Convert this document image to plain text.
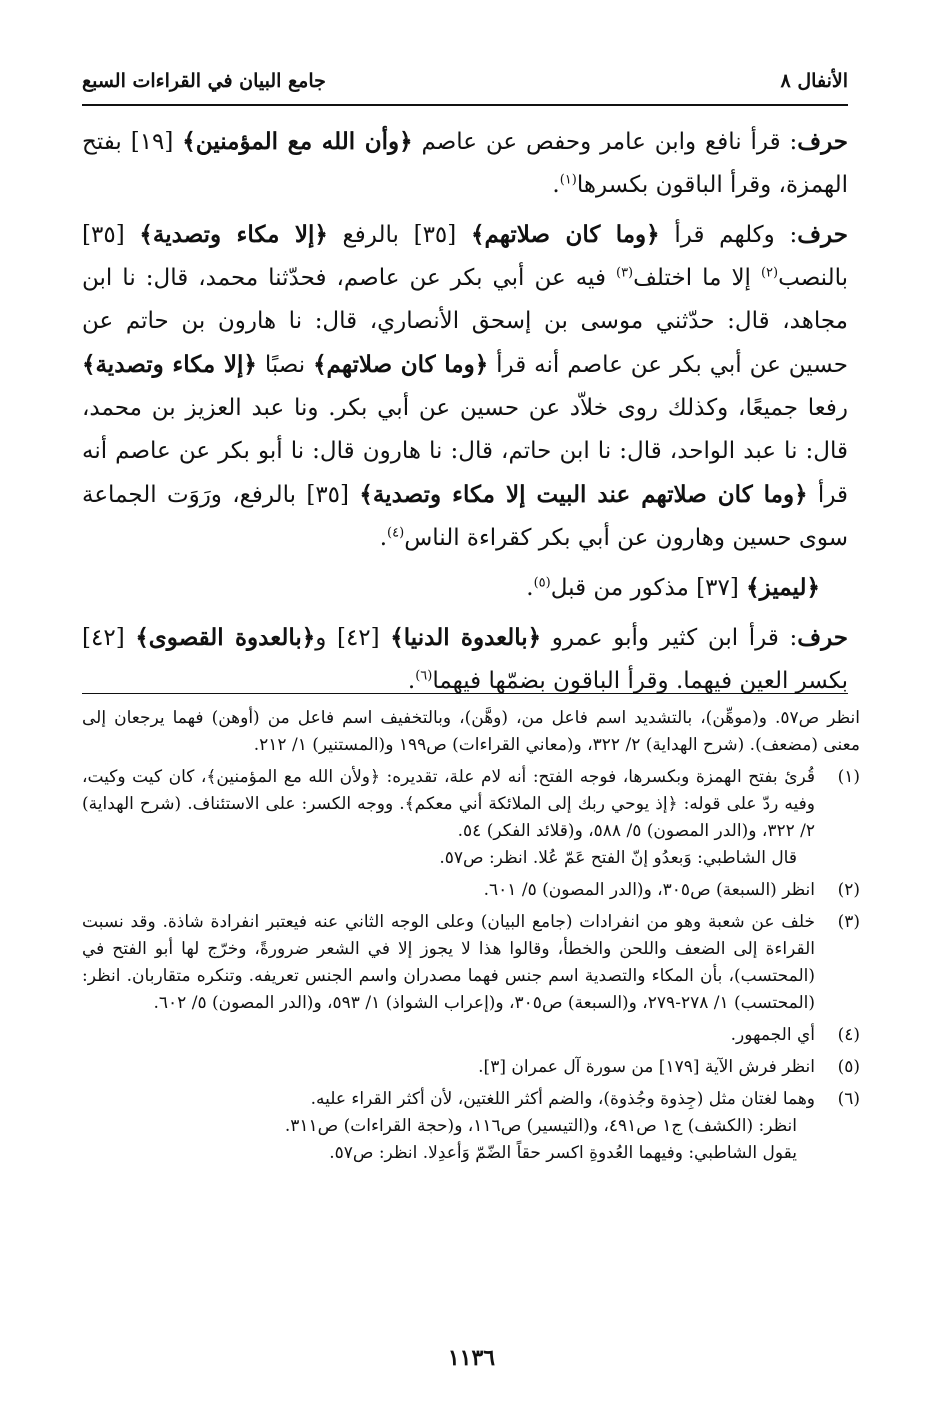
الأنفال ٨
جامع البيان في القراءات السبع

حرف: قرأ نافع وابن عامر وحفص عن عاصم ﴿وأن الله مع المؤمنين﴾ [١٩] بفتح الهمزة، وقرأ الباقون بكسرها$^{(١)}$.

حرف: وكلهم قرأ ﴿وما كان صلاتهم﴾ [٣٥] بالرفع ﴿إلا مكاء وتصدية﴾ [٣٥] بالنصب$^{(٢)}$ إلا ما اختلف$^{(٣)}$ فيه عن أبي بكر عن عاصم، فحدّثنا محمد، قال: نا ابن مجاهد، قال: حدّثني موسى بن إسحق الأنصاري، قال: نا هارون بن حاتم عن حسين عن أبي بكر عن عاصم أنه قرأ ﴿وما كان صلاتهم﴾ نصبًا ﴿إلا مكاء وتصدية﴾ رفعا جميعًا، وكذلك روى خلاّد عن حسين عن أبي بكر. ونا عبد العزيز بن محمد، قال: نا عبد الواحد، قال: نا ابن حاتم، قال: نا هارون قال: نا أبو بكر عن عاصم أنه قرأ ﴿وما كان صلاتهم عند البيت إلا مكاء وتصدية﴾ [٣٥] بالرفع، ورَوَت الجماعة سوى حسين وهارون عن أبي بكر كقراءة الناس$^{(٤)}$.

﴿ليميز﴾ [٣٧] مذكور من قبل$^{(٥)}$.

حرف: قرأ ابن كثير وأبو عمرو ﴿بالعدوة الدنيا﴾ [٤٢] و﴿بالعدوة القصوى﴾ [٤٢] بكسر العين فيهما. وقرأ الباقون بضمّها فيهما$^{(٦)}$.

انظر ص٥٧. و(موهِّن)، بالتشديد اسم فاعل من، (وهَّن)، وبالتخفيف اسم فاعل من (أوهن) فهما يرجعان إلى معنى (مضعف). (شرح الهداية) ٢/ ٣٢٢، و(معاني القراءات) ص١٩٩ و(المستنير) ١/ ٢١٢.
(١)
قُرئ بفتح الهمزة وبكسرها، فوجه الفتح: أنه لام علة، تقديره: ﴿ولأن الله مع المؤمنين﴾، كان كيت وكيت، وفيه ردّ على قوله: ﴿إذ يوحي ربك إلى الملائكة أني معكم﴾. ووجه الكسر: على الاستئناف. (شرح الهداية) ٢/ ٣٢٢، و(الدر المصون) ٥/ ٥٨٨، و(قلائد الفكر) ٥٤.
قال الشاطبي: وَبعدُو إنّ الفتح عَمّ عُلا. انظر: ص٥٧.
(٢)
انظر (السبعة) ص٣٠٥، و(الدر المصون) ٥/ ٦٠١.
(٣)
خلف عن شعبة وهو من انفرادات (جامع البيان) وعلى الوجه الثاني عنه فيعتبر انفرادة شاذة. وقد نسبت القراءة إلى الضعف واللحن والخطأ، وقالوا هذا لا يجوز إلا في الشعر ضرورةً، وخرّج لها أبو الفتح في (المحتسب)، بأن المكاء والتصدية اسم جنس فهما مصدران واسم الجنس تعريفه. وتنكره متقاربان. انظر: (المحتسب) ١/ ٢٧٨-٢٧٩، و(السبعة) ص٣٠٥، و(إعراب الشواذ) ١/ ٥٩٣، و(الدر المصون) ٥/ ٦٠٢.
(٤)
أي الجمهور.
(٥)
انظر فرش الآية [١٧٩] من سورة آل عمران [٣].
(٦)
وهما لغتان مثل (جِذوة وجُذوة)، والضم أكثر اللغتين، لأن أكثر القراء عليه.
انظر: (الكشف) ج١ ص٤٩١، و(التيسير) ص١١٦، و(حجة القراءات) ص٣١١.
يقول الشاطبي: وفيهما العُدوةِ اكسر حقاً الضّمّ وَأعدِلا. انظر: ص٥٧.
١١٣٦
